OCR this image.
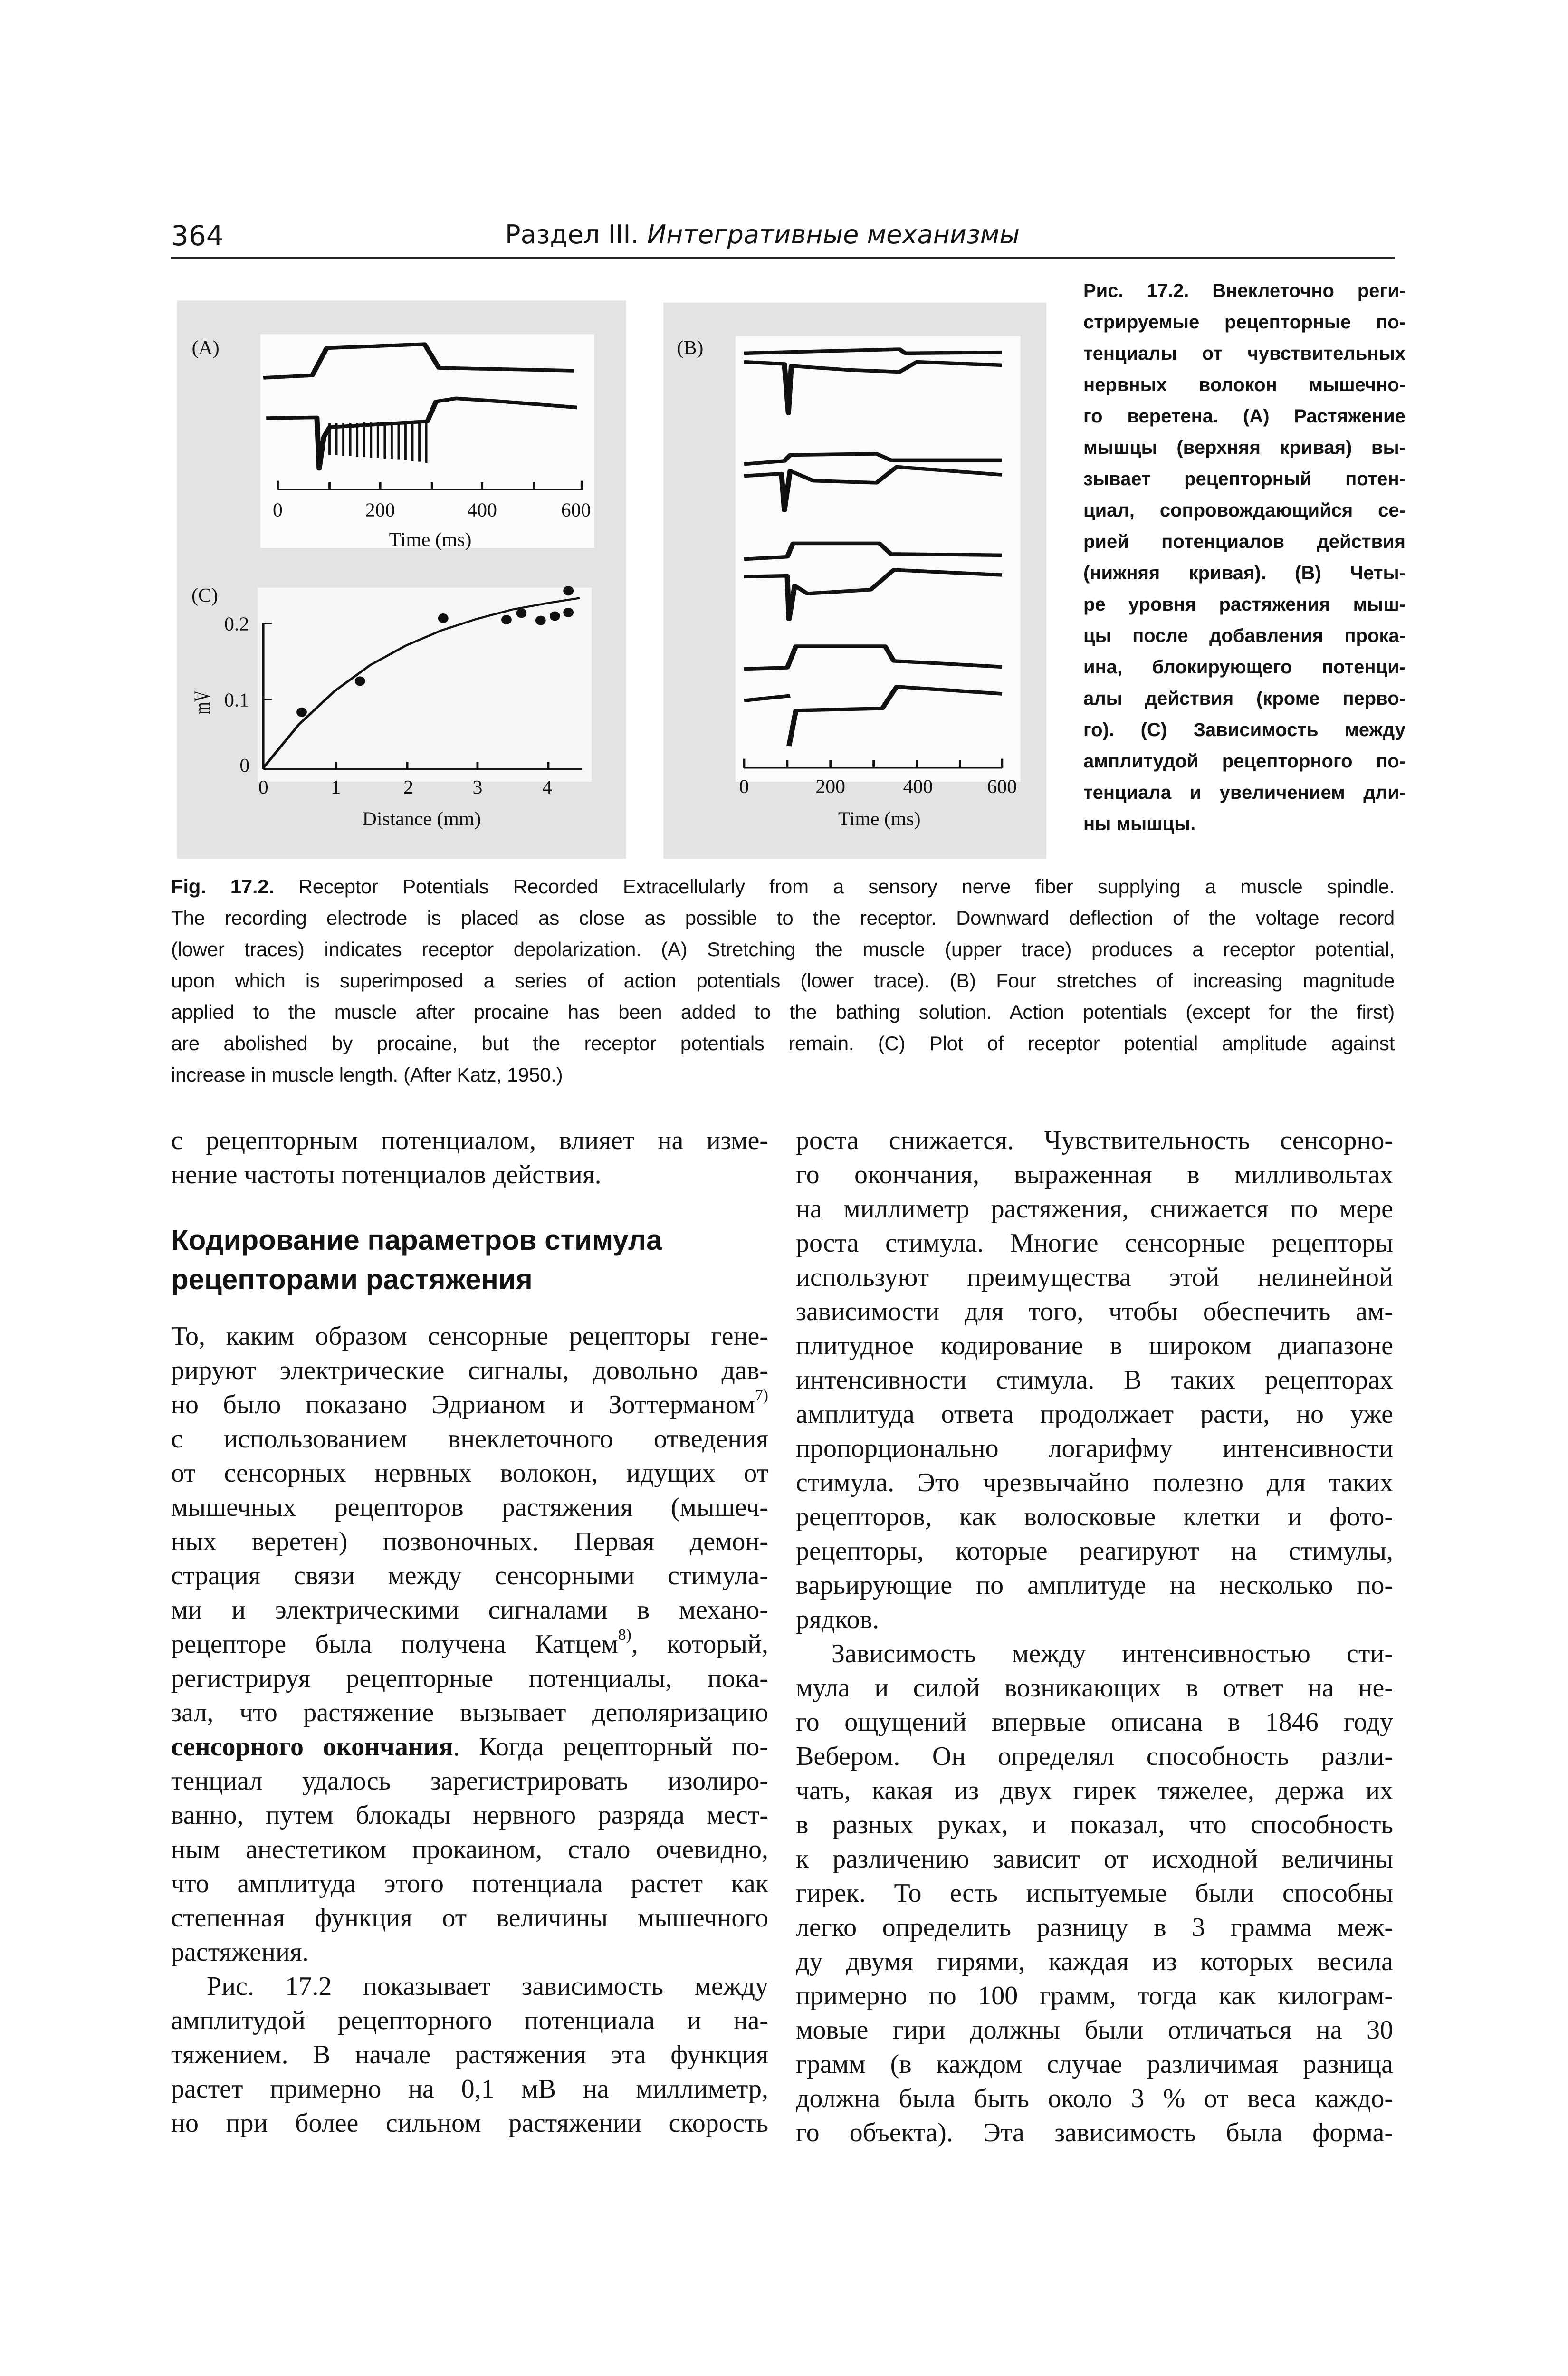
364	Раздел III. Интегративные механизмы
(A)
0	200	400	600
Time (ms)
(C)
0
0.1
0.2
mV
0	1	2 3	4
Distance (mm)
(B)
0	200 400 600
Time (ms)
Рис. 17.2. Внеклеточно реги-
стрируемые рецепторные по-
тенциалы от чувствительных
нервных волокон мышечно-
го веретена. (А) Растяжение
мышцы (верхняя кривая) вы-
зывает рецепторный потен-
циал, сопровождающийся се-
рией потенциалов действия
(нижняя кривая). (В) Четы-
ре уровня растяжения мыш-
цы после добавления прока-
ина, блокирующего потенци-
алы действия (кроме перво-
го). (С) Зависимость между
амплитудой рецепторного по-
тенциала и увеличением дли-
ны мышцы.
Fig. 17.2. Receptor Potentials Recorded Extracellularly from a sensory nerve fiber supplying a muscle spindle.
The recording electrode is placed as close as possible to the receptor. Downward deflection of the voltage record
(lower traces) indicates receptor depolarization. (A) Stretching the muscle (upper trace) produces a receptor potential,
upon which is superimposed a series of action potentials (lower trace). (B) Four stretches of increasing magnitude
applied to the muscle after procaine has been added to the bathing solution. Action potentials (except for the first)
are abolished by procaine, but the receptor potentials remain. (C) Plot of receptor potential amplitude against
increase in muscle length. (After Katz, 1950.)
с рецепторным потенциалом, влияет на изме-
нение частоты потенциалов действия.
Кодирование параметров стимула
рецепторами растяжения
То, каким образом сенсорные рецепторы гене-
рируют электрические сигналы, довольно дав-
но было показано Эдрианом и Зоттерманом$^{7)}$
с использованием внеклеточного отведения
от сенсорных нервных волокон, идущих от
мышечных рецепторов растяжения (мышеч-
ных веретен) позвоночных. Первая демон-
страция связи между сенсорными стимула-
ми и электрическими сигналами в механо-
рецепторе была получена Катцем$^{8)}$, который,
регистрируя рецепторные потенциалы, пока-
зал, что растяжение вызывает деполяризацию
сенсорного окончания. Когда рецепторный по-
тенциал удалось зарегистрировать изолиро-
ванно, путем блокады нервного разряда мест-
ным анестетиком прокаином, стало очевидно,
что амплитуда этого потенциала растет как
степенная функция от величины мышечного
растяжения.
Рис. 17.2 показывает зависимость между
амплитудой рецепторного потенциала и на-
тяжением. В начале растяжения эта функция
растет примерно на 0,1 мВ на миллиметр,
но при более сильном растяжении скорость
роста снижается. Чувствительность сенсорно-
го окончания, выраженная в милливольтах
на миллиметр растяжения, снижается по мере
роста стимула. Многие сенсорные рецепторы
используют преимущества этой нелинейной
зависимости для того, чтобы обеспечить ам-
плитудное кодирование в широком диапазоне
интенсивности стимула. В таких рецепторах
амплитуда ответа продолжает расти, но уже
пропорционально логарифму интенсивности
стимула. Это чрезвычайно полезно для таких
рецепторов, как волосковые клетки и фото-
рецепторы, которые реагируют на стимулы,
варьирующие по амплитуде на несколько по-
рядков.
Зависимость между интенсивностью сти-
мула и силой возникающих в ответ на не-
го ощущений впервые описана в 1846 году
Вебером. Он определял способность разли-
чать, какая из двух гирек тяжелее, держа их
в разных руках, и показал, что способность
к различению зависит от исходной величины
гирек. То есть испытуемые были способны
легко определить разницу в 3 грамма меж-
ду двумя гирями, каждая из которых весила
примерно по 100 грамм, тогда как килограм-
мовые гири должны были отличаться на 30
грамм (в каждом случае различимая разница
должна была быть около 3 % от веса каждо-
го объекта). Эта зависимость была форма-
